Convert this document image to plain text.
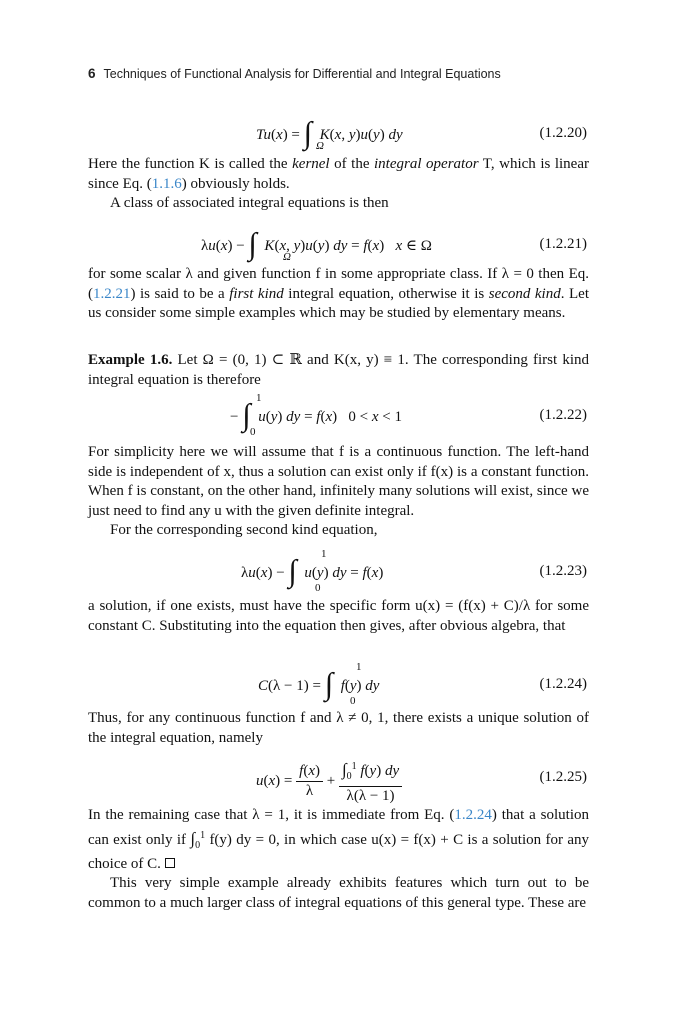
6 Techniques of Functional Analysis for Differential and Integral Equations
Tu(x) = ∫ Ω
K(x, y)u(y) dy	(1.2.20)

Here the function K is called the kernel of the integral operator T, which is linear since Eq. (1.1.6) obviously holds.

A class of associated integral equations is then

λu(x) − ∫ Ω
K(x, y)u(y) dy = f(x)   x ∈ Ω	(1.2.21)

for some scalar λ and given function f in some appropriate class. If λ = 0 then Eq. (1.2.21) is said to be a first kind integral equation, otherwise it is second kind. Let us consider some simple examples which may be studied by elementary means.

Example 1.6. Let Ω = (0, 1) ⊂ ℝ and K(x, y) ≡ 1. The corresponding first kind integral equation is therefore

− ∫ 0
1
u(y) dy = f(x)   0 < x < 1	(1.2.22)

For simplicity here we will assume that f is a continuous function. The left-hand side is independent of x, thus a solution can exist only if f(x) is a constant function. When f is constant, on the other hand, infinitely many solutions will exist, since we just need to find any u with the given definite integral.

For the corresponding second kind equation,

λu(x) − ∫ 0
1
u(y) dy = f(x)	(1.2.23)

a solution, if one exists, must have the specific form u(x) = (f(x) + C)/λ for some constant C. Substituting into the equation then gives, after obvious algebra, that

C(λ − 1) = ∫ 0
1
f(y) dy	(1.2.24)

Thus, for any continuous function f and λ ≠ 0, 1, there exists a unique solution of the integral equation, namely

$u(x) = \frac{f(x)}{\lambda} + \frac{\int_0^1 f(y) dy}{\lambda(\lambda - 1)}$	(1.2.25)

In the remaining case that λ = 1, it is immediate from Eq. (1.2.24) that a solution can exist only if $\int_0^1$ f(y) dy = 0, in which case u(x) = f(x) + C is a solution for any choice of C.

This very simple example already exhibits features which turn out to be common to a much larger class of integral equations of this general type. These are
